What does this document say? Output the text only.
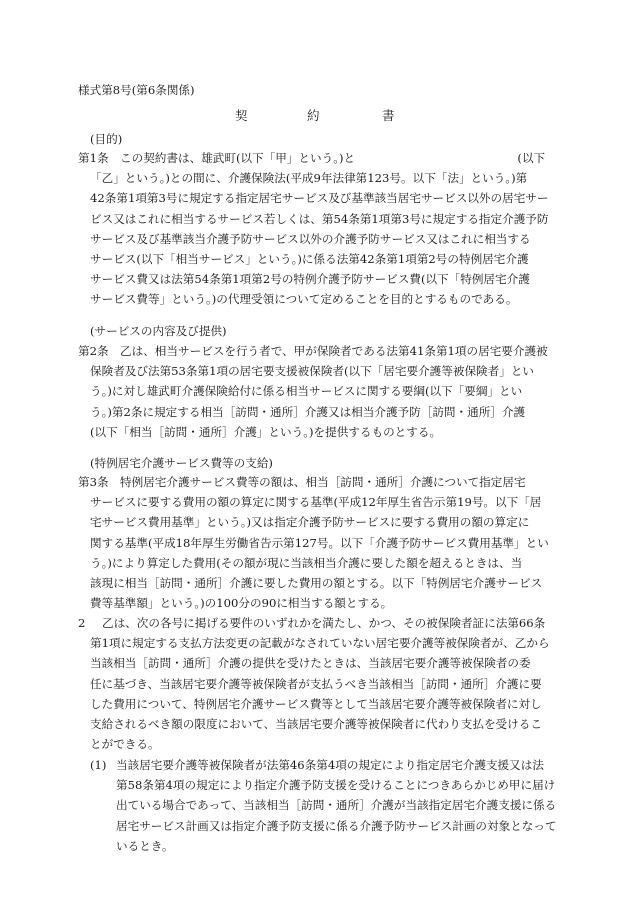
様式第8号(第6条関係)
契	約	書
(目的)
第1条 この契約書は、雄武町(以下「甲」という。)と　　　　　　　　　　　　　　(以下
「乙」という。)との間に、介護保険法(平成9年法律第123号。以下「法」という。)第
42条第1項第3号に規定する指定居宅サービス及び基準該当居宅サービス以外の居宅サー
ビス又はこれに相当するサービス若しくは、第54条第1項第3号に規定する指定介護予防
サービス及び基準該当介護予防サービス以外の介護予防サービス又はこれに相当する
サービス(以下「相当サービス」という。)に係る法第42条第1項第2号の特例居宅介護
サービス費又は法第54条第1項第2号の特例介護予防サービス費(以下「特例居宅介護
サービス費等」という。)の代理受領について定めることを目的とするものである。
(サービスの内容及び提供)
第2条 乙は、相当サービスを行う者で、甲が保険者である法第41条第1項の居宅要介護被
保険者及び法第53条第1項の居宅要支援被保険者(以下「居宅要介護等被保険者」とい
う。)に対し雄武町介護保険給付に係る相当サービスに関する要綱(以下「要綱」とい
う。)第2条に規定する相当［訪問・通所］介護又は相当介護予防［訪問・通所］介護
(以下「相当［訪問・通所］介護」という。)を提供するものとする。
(特例居宅介護サービス費等の支給)
第3条 特例居宅介護サービス費等の額は、相当［訪問・通所］介護について指定居宅
サービスに要する費用の額の算定に関する基準(平成12年厚生省告示第19号。以下「居
宅サービス費用基準」という。)又は指定介護予防サービスに要する費用の額の算定に
関する基準(平成18年厚生労働省告示第127号。以下「介護予防サービス費用基準」とい
う。)により算定した費用(その額が現に当該相当介護に要した額を超えるときは、当
該現に相当［訪問・通所］介護に要した費用の額とする。以下「特例居宅介護サービス
費等基準額」という。)の100分の90に相当する額とする。
2 乙は、次の各号に掲げる要件のいずれかを満たし、かつ、その被保険者証に法第66条
第1項に規定する支払方法変更の記載がなされていない居宅要介護等被保険者が、乙から
当該相当［訪問・通所］介護の提供を受けたときは、当該居宅要介護等被保険者の委
任に基づき、当該居宅要介護等被保険者が支払うべき当該相当［訪問・通所］介護に要
した費用について、特例居宅介護サービス費等として当該居宅要介護等被保険者に対し
支給されるべき額の限度において、当該居宅要介護等被保険者に代わり支払を受けるこ
とができる。
(1) 当該居宅要介護等被保険者が法第46条第4項の規定により指定居宅介護支援又は法
第58条第4項の規定により指定介護予防支援を受けることにつきあらかじめ甲に届け
出ている場合であって、当該相当［訪問・通所］介護が当該指定居宅介護支援に係る
居宅サービス計画又は指定介護予防支援に係る介護予防サービス計画の対象となって
いるとき。
